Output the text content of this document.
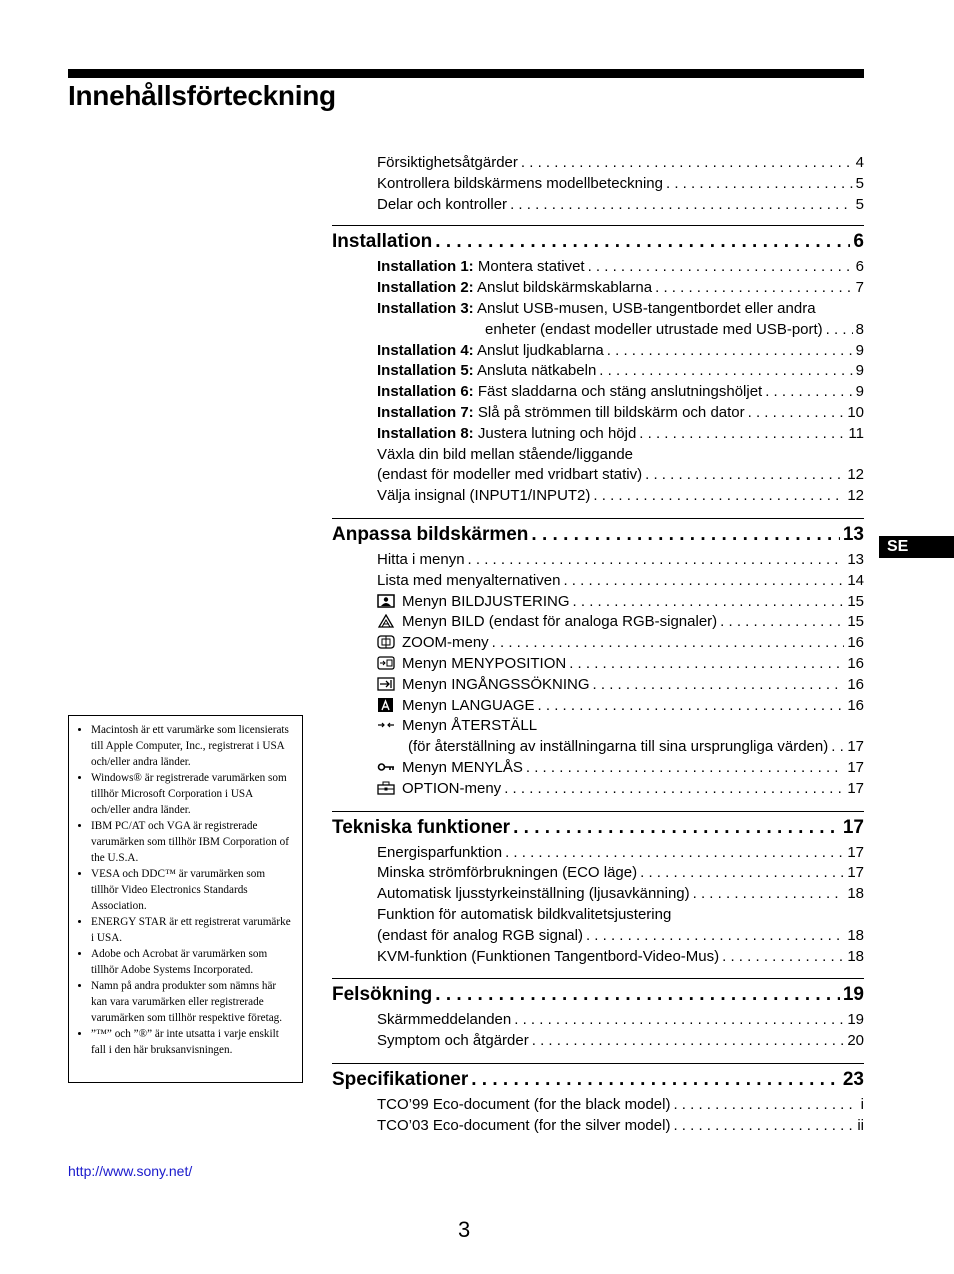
Innehållsförteckning
Försiktighetsåtgärder . . .	4
Kontrollera bildskärmens modellbeteckning . . .	5
Delar och kontroller . . .	5
Installation . . .	6
Installation 1: Montera stativet . . .	6
Installation 2: Anslut bildskärmskablarna . . .	7
Installation 3: Anslut USB-musen, USB-tangentbordet eller andra
enheter (endast modeller utrustade med USB-port) . . . 8
Installation 4: Anslut ljudkablarna . . .	9
Installation 5: Ansluta nätkabeln . . .	9
Installation 6: Fäst sladdarna och stäng anslutningshöljet . . .	9
Installation 7: Slå på strömmen till bildskärm och dator . . .	10
Installation 8: Justera lutning och höjd . . .	11
Växla din bild mellan stående/liggande
(endast för modeller med vridbart stativ) . . .	12
Välja insignal (INPUT1/INPUT2) . . .	12
Anpassa bildskärmen . . .	13
Hitta i menyn . . .	13
Lista med menyalternativen . . .	14
Menyn BILDJUSTERING . . .	15
Menyn BILD (endast för analoga RGB-signaler) . . .	15
ZOOM-meny . . .	16
Menyn MENYPOSITION . . .	16
Menyn INGÅNGSSÖKNING . . .	16
Menyn LANGUAGE . . .	16
Menyn ÅTERSTÄLL
(för återställning av inställningarna till sina ursprungliga värden) . . . 17
Menyn MENYLÅS . . .	17
OPTION-meny . . .	17
Tekniska funktioner . . .	17
Energisparfunktion . . .	17
Minska strömförbrukningen (ECO läge) . . .	17
Automatisk ljusstyrkeinställning (ljusavkänning) . . .	18
Funktion för automatisk bildkvalitetsjustering
(endast för analog RGB signal) . . .	18
KVM-funktion (Funktionen Tangentbord-Video-Mus) . . .	18
Felsökning . . .	19
Skärmmeddelanden . . .	19
Symptom och åtgärder . . .	20
Specifikationer . . .	23
TCO’99 Eco-document (for the black model) . . .	i
TCO’03 Eco-document (for the silver model) . . .	ii
• Macintosh är ett varumärke som licensierats till Apple Computer, Inc., registrerat i USA och/eller andra länder.
• Windows® är registrerade varumärken som tillhör Microsoft Corporation i USA och/eller andra länder.
• IBM PC/AT och VGA är registrerade varumärken som tillhör IBM Corporation of the U.S.A.
• VESA och DDC™ är varumärken som tillhör Video Electronics Standards Association.
• ENERGY STAR är ett registrerat varumärke i USA.
• Adobe och Acrobat är varumärken som tillhör Adobe Systems Incorporated.
• Namn på andra produkter som nämns här kan vara varumärken eller registrerade varumärken som tillhör respektive företag.
• ”™” och ”®” är inte utsatta i varje enskilt fall i den här bruksanvisningen.
http://www.sony.net/
SE
3
